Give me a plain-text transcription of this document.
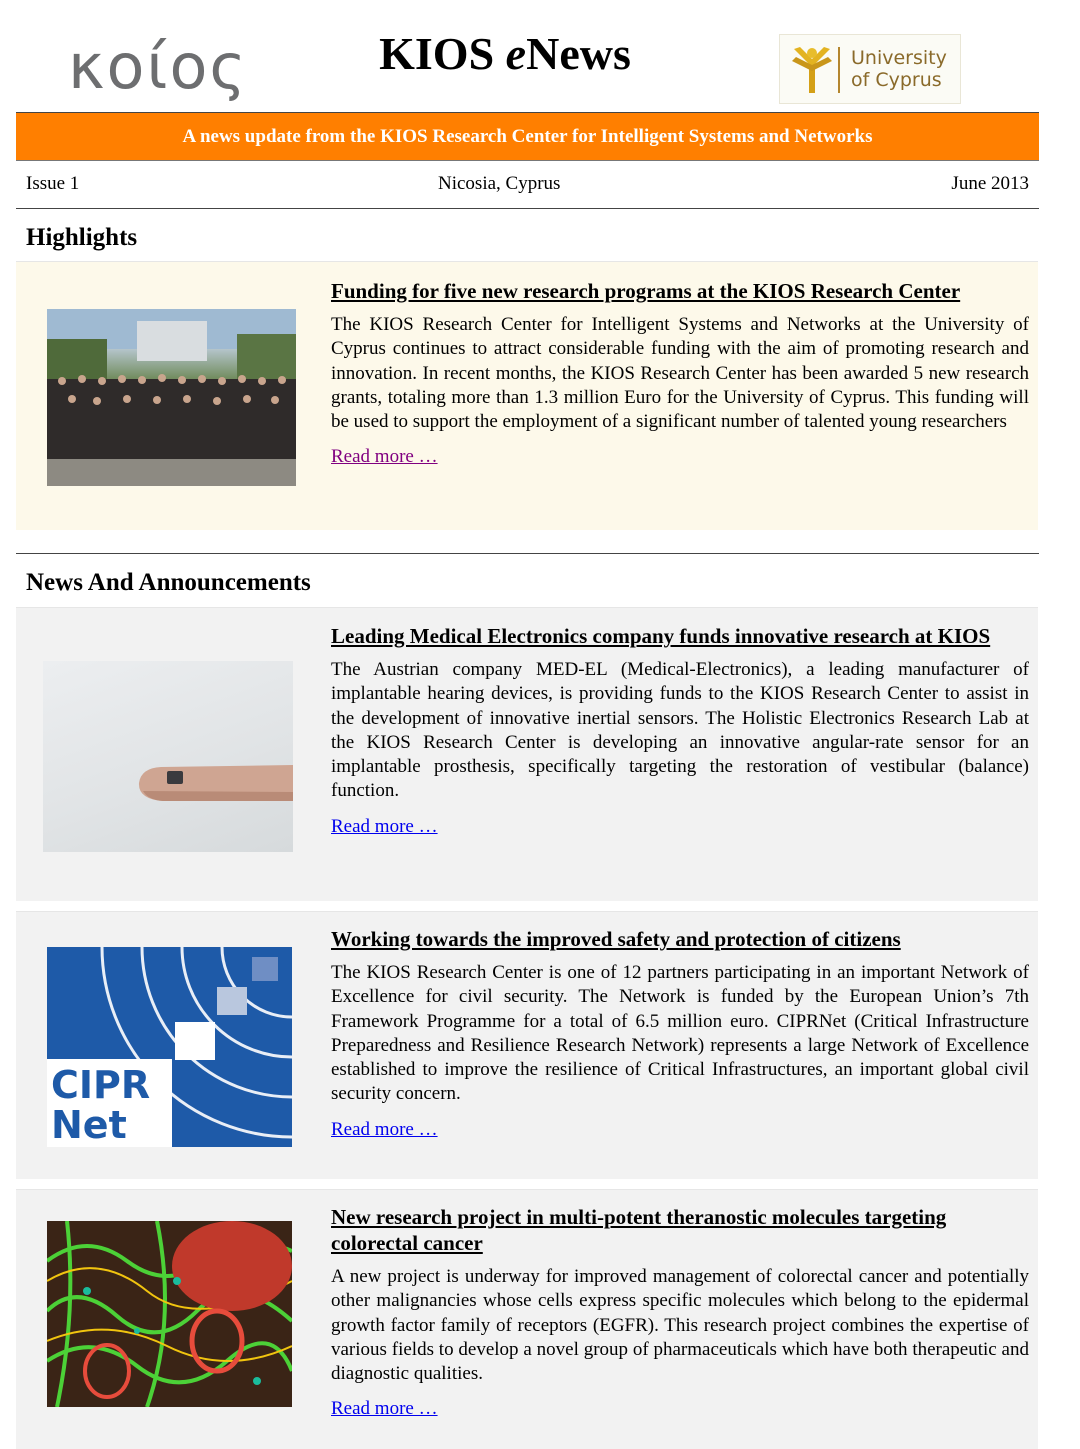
κοίος	KIOS eNews	University
of Cyprus
A news update from the KIOS Research Center for Intelligent Systems and Networks
Issue 1	Nicosia, Cyprus	June 2013
Highlights
Funding for five new research programs at the KIOS Research Center

The KIOS Research Center for Intelligent Systems and Networks at the University of Cyprus continues to attract considerable funding with the aim of promoting research and innovation. In recent months, the KIOS Research Center has been awarded 5 new research grants, totaling more than 1.3 million Euro for the University of Cyprus. This funding will be used to support the employment of a significant number of talented young researchers

Read more …
News And Announcements
Leading Medical Electronics company funds innovative research at KIOS

The Austrian company MED-EL (Medical-Electronics), a leading manufacturer of implantable hearing devices, is providing funds to the KIOS Research Center to assist in the development of innovative inertial sensors. The Holistic Electronics Research Lab at the KIOS Research Center is developing an innovative angular-rate sensor for an implantable prosthesis, specifically targeting the restoration of vestibular (balance) function.

Read more …
CIPR
Net
Working towards the improved safety and protection of citizens

The KIOS Research Center is one of 12 partners participating in an important Network of Excellence for civil security. The Network is funded by the European Union’s 7th Framework Programme for a total of 6.5 million euro. CIPRNet (Critical Infrastructure Preparedness and Resilience Research Network) represents a large Network of Excellence established to improve the resilience of Critical Infrastructures, an important global civil security concern.

Read more …
New research project in multi-potent theranostic molecules targeting colorectal cancer

A new project is underway for improved management of colorectal cancer and potentially other malignancies whose cells express specific molecules which belong to the epidermal growth factor family of receptors (EGFR). This research project combines the expertise of various fields to develop a novel group of pharmaceuticals which have both therapeutic and diagnostic qualities.

Read more …
